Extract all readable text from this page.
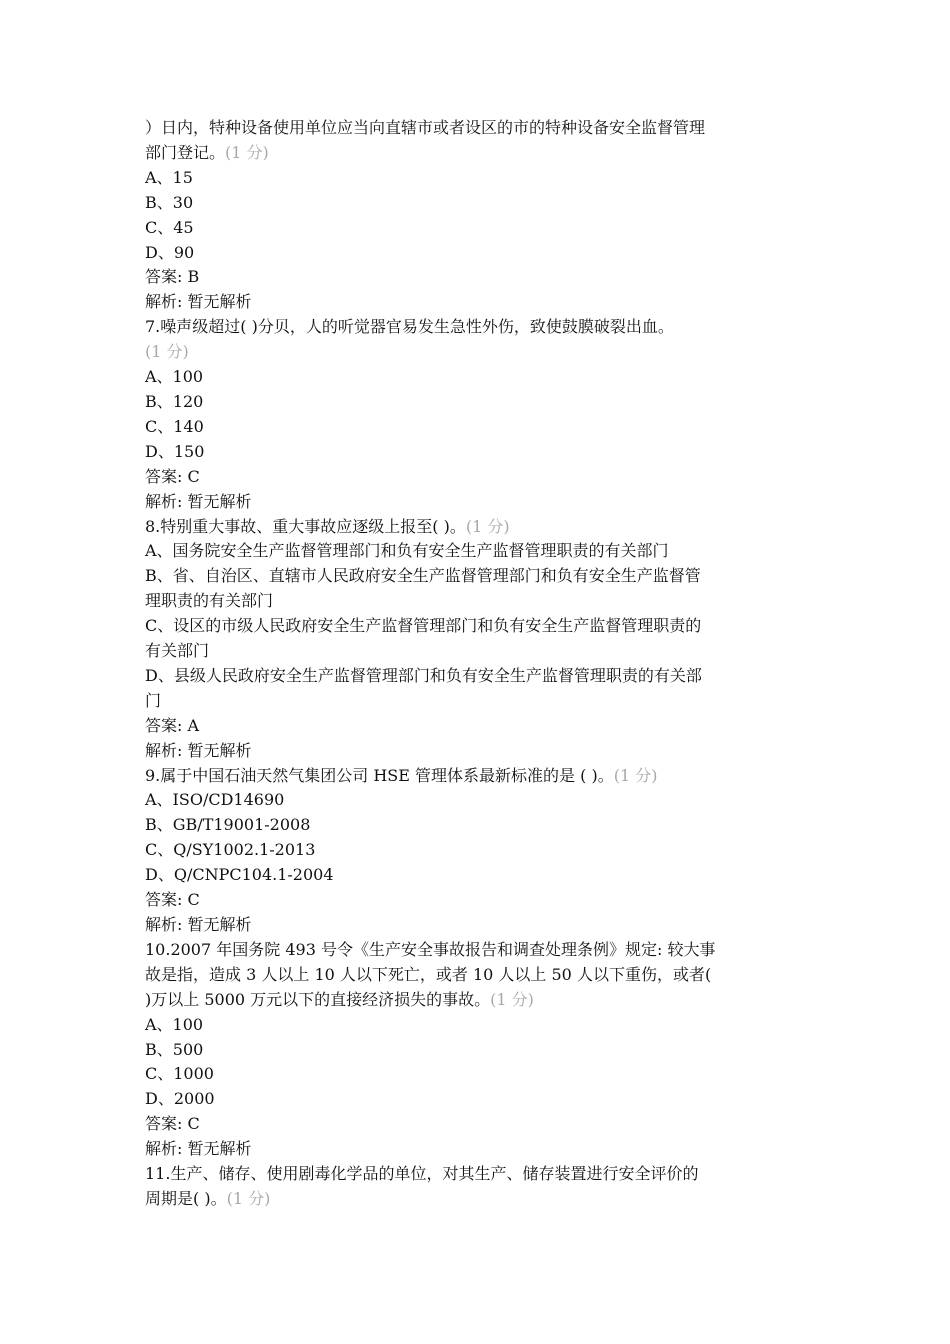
）日内，特种设备使用单位应当向直辖市或者设区的市的特种设备安全监督管理
部门登记。(1 分)
A、15
B、30
C、45
D、90
答案: B
解析: 暂无解析
7.噪声级超过( )分贝，人的听觉器官易发生急性外伤，致使鼓膜破裂出血。
(1 分)
A、100
B、120
C、140
D、150
答案: C
解析: 暂无解析
8.特别重大事故、重大事故应逐级上报至( )。(1 分)
A、国务院安全生产监督管理部门和负有安全生产监督管理职责的有关部门
B、省、自治区、直辖市人民政府安全生产监督管理部门和负有安全生产监督管
理职责的有关部门
C、设区的市级人民政府安全生产监督管理部门和负有安全生产监督管理职责的
有关部门
D、县级人民政府安全生产监督管理部门和负有安全生产监督管理职责的有关部
门
答案: A
解析: 暂无解析
9.属于中国石油天然气集团公司 HSE 管理体系最新标准的是 ( )。(1 分)
A、ISO/CD14690
B、GB/T19001-2008
C、Q/SY1002.1-2013
D、Q/CNPC104.1-2004
答案: C
解析: 暂无解析
10.2007 年国务院 493 号令《生产安全事故报告和调查处理条例》规定: 较大事
故是指，造成 3 人以上 10 人以下死亡，或者 10 人以上 50 人以下重伤，或者(
)万以上 5000 万元以下的直接经济损失的事故。(1 分)
A、100
B、500
C、1000
D、2000
答案: C
解析: 暂无解析
11.生产、储存、使用剧毒化学品的单位，对其生产、储存装置进行安全评价的
周期是( )。(1 分)
